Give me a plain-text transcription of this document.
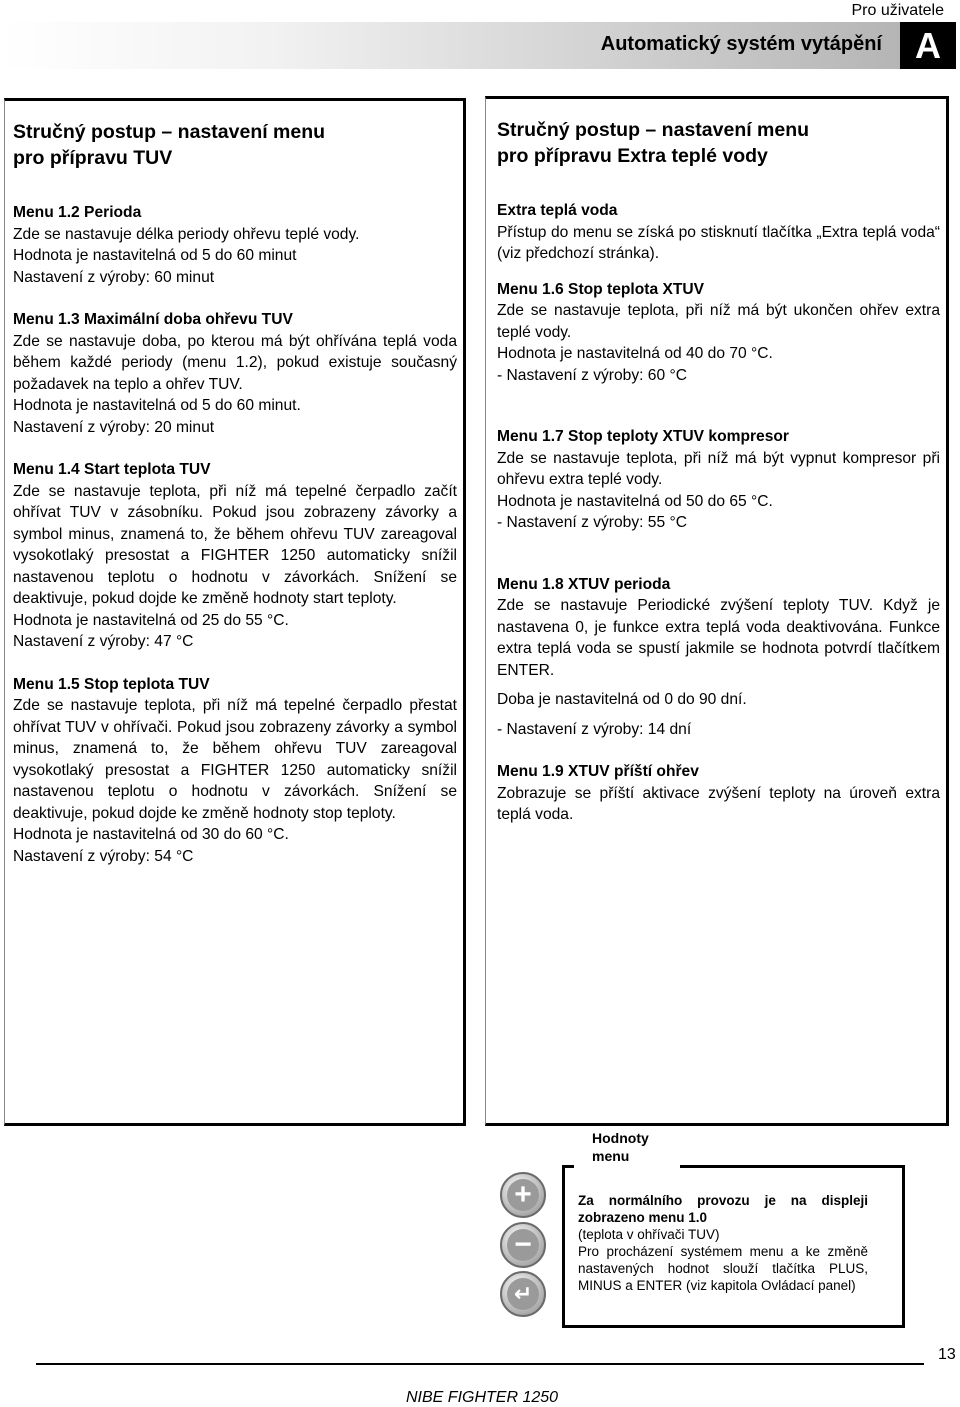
Pro uživatele
Automatický systém vytápění A
Stručný postup – nastavení menu
pro přípravu TUV
Menu 1.2 Perioda
Zde se nastavuje délka periody ohřevu teplé vody.
Hodnota je nastavitelná od 5 do 60 minut
Nastavení z výroby: 60 minut
Menu 1.3 Maximální doba ohřevu TUV
Zde se nastavuje doba, po kterou má být ohřívána teplá voda během každé periody (menu 1.2), pokud existuje současný požadavek na teplo a ohřev TUV.
Hodnota je nastavitelná od 5 do 60 minut.
Nastavení z výroby: 20 minut
Menu 1.4 Start teplota TUV
Zde se nastavuje teplota, při níž má tepelné čerpadlo začít ohřívat TUV v zásobníku. Pokud jsou zobrazeny závorky a symbol minus, znamená to, že během ohřevu TUV zareagoval vysokotlaký presostat a FIGHTER 1250 automaticky snížil nastavenou teplotu o hodnotu v závorkách. Snížení se deaktivuje, pokud dojde ke změně hodnoty start teploty.
Hodnota je nastavitelná od 25 do 55 °C.
Nastavení z výroby: 47 °C
Menu 1.5 Stop teplota TUV
Zde se nastavuje teplota, při níž má tepelné čerpadlo přestat ohřívat TUV v ohřívači. Pokud jsou zobrazeny závorky a symbol minus, znamená to, že během ohřevu TUV zareagoval vysokotlaký presostat a FIGHTER 1250 automaticky snížil nastavenou teplotu o hodnotu v závorkách. Snížení se deaktivuje, pokud dojde ke změně hodnoty stop teploty.
Hodnota je nastavitelná od 30 do 60 °C.
Nastavení z výroby: 54 °C
Stručný postup – nastavení menu
pro přípravu Extra teplé vody
Extra teplá voda
Přístup do menu se získá po stisknutí tlačítka „Extra teplá voda“ (viz předchozí stránka).
Menu 1.6 Stop teplota XTUV
Zde se nastavuje teplota, při níž má být ukončen ohřev extra teplé vody.
Hodnota je nastavitelná od 40 do 70 °C.
- Nastavení z výroby: 60 °C
Menu 1.7 Stop teploty XTUV kompresor
Zde se nastavuje teplota, při níž má být vypnut kompresor při ohřevu extra teplé vody.
Hodnota je nastavitelná od 50 do 65 °C.
- Nastavení z výroby: 55 °C
Menu 1.8 XTUV perioda
Zde se nastavuje Periodické zvýšení teploty TUV. Když je nastavena 0, je funkce extra teplá voda deaktivována. Funkce extra teplá voda se spustí jakmile se hodnota potvrdí tlačítkem ENTER.
Doba je nastavitelná od 0 do 90 dní.
- Nastavení z výroby: 14 dní
Menu 1.9 XTUV příští ohřev
Zobrazuje se příští aktivace zvýšení teploty na úroveň extra teplá voda.
+
−
↵
Hodnoty
menu
Za normálního provozu je na displeji zobrazeno menu 1.0
(teplota v ohřívači TUV)
Pro procházení systémem menu a ke změně nastavených hodnot slouží tlačítka PLUS, MINUS a ENTER (viz kapitola Ovládací panel)
13
NIBE FIGHTER 1250
